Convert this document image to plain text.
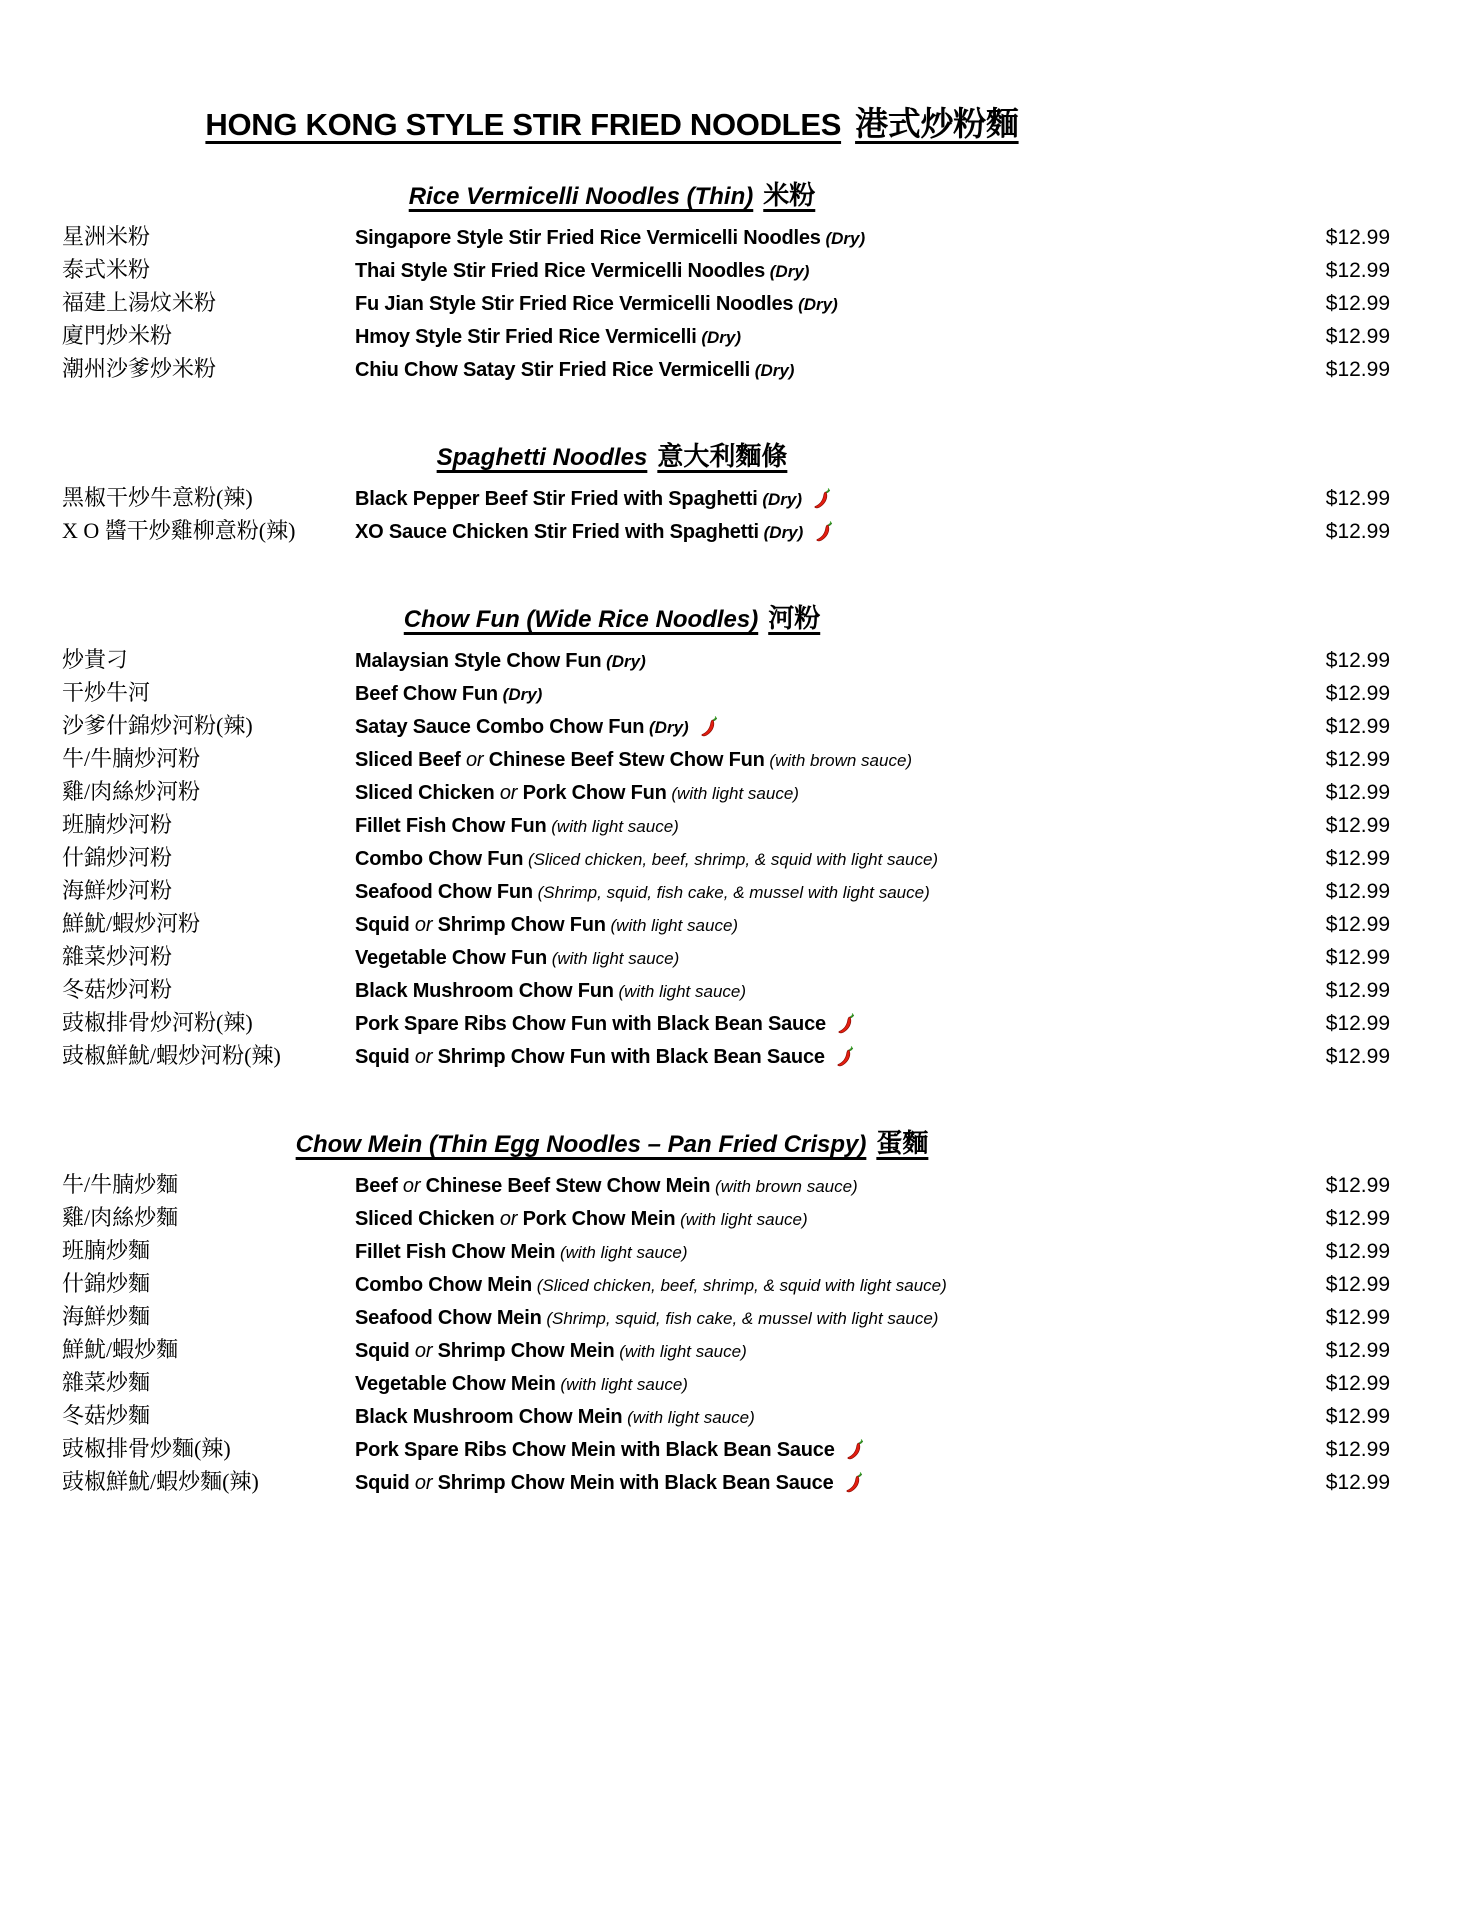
HONG KONG STYLE STIR FRIED NOODLES 港式炒粉麵
Rice Vermicelli Noodles (Thin) 米粉
星洲米粉	Singapore Style Stir Fried Rice Vermicelli Noodles (Dry)	$12.99
泰式米粉	Thai Style Stir Fried Rice Vermicelli Noodles (Dry)	$12.99
福建上湯炆米粉	Fu Jian Style Stir Fried Rice Vermicelli Noodles (Dry)	$12.99
廈門炒米粉	Hmoy Style Stir Fried Rice Vermicelli (Dry)	$12.99
潮州沙爹炒米粉	Chiu Chow Satay Stir Fried Rice Vermicelli (Dry)	$12.99
Spaghetti Noodles 意大利麵條
黑椒干炒牛意粉(辣)	Black Pepper Beef Stir Fried with Spaghetti (Dry)	$12.99
X O 醬干炒雞柳意粉(辣)	XO Sauce Chicken Stir Fried with Spaghetti (Dry)	$12.99
Chow Fun (Wide Rice Noodles) 河粉
炒貴刁	Malaysian Style Chow Fun (Dry)	$12.99
干炒牛河	Beef Chow Fun (Dry)	$12.99
沙爹什錦炒河粉(辣)	Satay Sauce Combo Chow Fun (Dry)	$12.99
牛/牛腩炒河粉	Sliced Beef or Chinese Beef Stew Chow Fun (with brown sauce)	$12.99
雞/肉絲炒河粉	Sliced Chicken or Pork Chow Fun (with light sauce)	$12.99
班腩炒河粉	Fillet Fish Chow Fun (with light sauce)	$12.99
什錦炒河粉	Combo Chow Fun (Sliced chicken, beef, shrimp, & squid with light sauce)	$12.99
海鮮炒河粉	Seafood Chow Fun (Shrimp, squid, fish cake, & mussel with light sauce)	$12.99
鮮魷/蝦炒河粉	Squid or Shrimp Chow Fun (with light sauce)	$12.99
雜菜炒河粉	Vegetable Chow Fun (with light sauce)	$12.99
冬菇炒河粉	Black Mushroom Chow Fun (with light sauce)	$12.99
豉椒排骨炒河粉(辣)	Pork Spare Ribs Chow Fun with Black Bean Sauce	$12.99
豉椒鮮魷/蝦炒河粉(辣)	Squid or Shrimp Chow Fun with Black Bean Sauce	$12.99
Chow Mein (Thin Egg Noodles – Pan Fried Crispy) 蛋麵
牛/牛腩炒麵	Beef or Chinese Beef Stew Chow Mein (with brown sauce)	$12.99
雞/肉絲炒麵	Sliced Chicken or Pork Chow Mein (with light sauce)	$12.99
班腩炒麵	Fillet Fish Chow Mein (with light sauce)	$12.99
什錦炒麵	Combo Chow Mein (Sliced chicken, beef, shrimp, & squid with light sauce)	$12.99
海鮮炒麵	Seafood Chow Mein (Shrimp, squid, fish cake, & mussel with light sauce)	$12.99
鮮魷/蝦炒麵	Squid or Shrimp Chow Mein (with light sauce)	$12.99
雜菜炒麵	Vegetable Chow Mein (with light sauce)	$12.99
冬菇炒麵	Black Mushroom Chow Mein (with light sauce)	$12.99
豉椒排骨炒麵(辣)	Pork Spare Ribs Chow Mein with Black Bean Sauce	$12.99
豉椒鮮魷/蝦炒麵(辣)	Squid or Shrimp Chow Mein with Black Bean Sauce	$12.99
